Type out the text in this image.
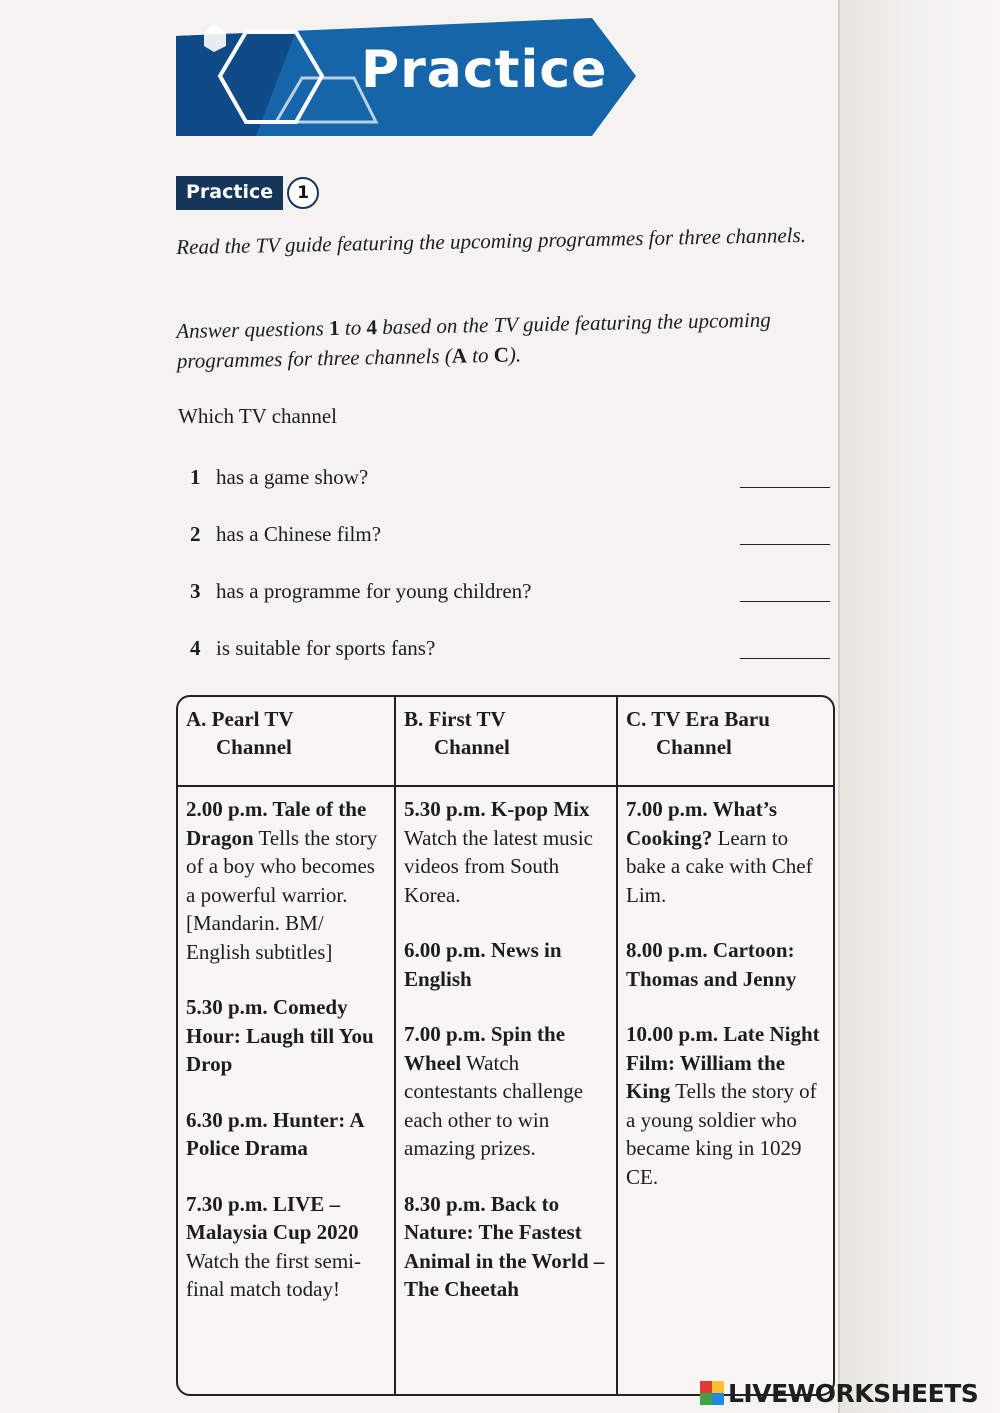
Practice
Practice	1
Read the TV guide featuring the upcoming programmes for three channels.
Answer questions 1 to 4 based on the TV guide featuring the upcoming programmes for three channels (A to C).
Which TV channel
1 has a game show?
2 has a Chinese film?
3 has a programme for young children?
4 is suitable for sports fans?
A. Pearl TV
Channel
2.00 p.m. Tale of the Dragon Tells the story of a boy who becomes a powerful warrior. [Mandarin. BM/ English subtitles]
5.30 p.m. Comedy Hour: Laugh till You Drop
6.30 p.m. Hunter: A Police Drama
7.30 p.m. LIVE – Malaysia Cup 2020 Watch the first semi-final match today!
B. First TV
Channel
5.30 p.m. K-pop Mix Watch the latest music videos from South Korea.
6.00 p.m. News in English
7.00 p.m. Spin the Wheel Watch contestants challenge each other to win amazing prizes.
8.30 p.m. Back to Nature: The Fastest Animal in the World – The Cheetah
C. TV Era Baru
Channel
7.00 p.m. What’s Cooking? Learn to bake a cake with Chef Lim.
8.00 p.m. Cartoon: Thomas and Jenny
10.00 p.m. Late Night Film: William the King Tells the story of a young soldier who became king in 1029 CE.
LIVEWORKSHEETS
